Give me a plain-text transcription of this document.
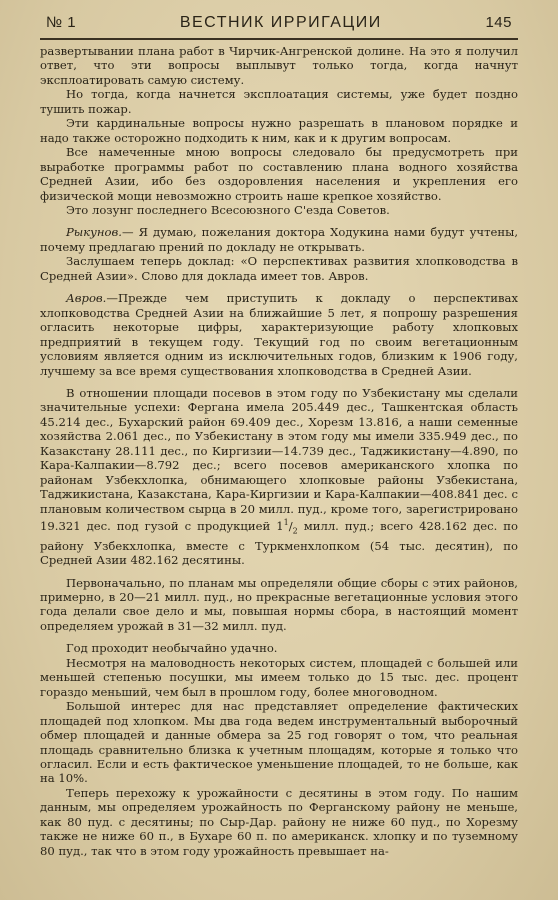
№ 1	ВЕСТНИК ИРРИГАЦИИ	145

развертывании плана работ в Чирчик-Ангренской долине. На это я получил ответ, что эти вопросы выплывут только тогда, когда начнут эксплоатировать самую систему.

Но тогда, когда начнется эксплоатация системы, уже будет поздно тушить пожар.

Эти кардинальные вопросы нужно разрешать в плановом порядке и надо также осторожно подходить к ним, как и к другим вопросам.

Все намеченные мною вопросы следовало бы предусмотреть при выработке программы работ по составлению плана водного хозяйства Средней Азии, ибо без оздоровления населения и укрепления его физической мощи невозможно строить наше крепкое хозяйство.

Это лозунг последнего Всесоюзного С'езда Советов.

Рыкунов.— Я думаю, пожелания доктора Ходукина нами будут учтены, почему предлагаю прений по докладу не открывать.

Заслушаем теперь доклад: «О перспективах развития хлопководства в Средней Азии». Слово для доклада имеет тов. Авров.

Авров.—Прежде чем приступить к докладу о перспективах хлопководства Средней Азии на ближайшие 5 лет, я попрошу разрешения огласить некоторые цифры, характеризующие работу хлопковых предприятий в текущем году. Текущий год по своим вегетационным условиям является одним из исключительных годов, близким к 1906 году, лучшему за все время существования хлопководства в Средней Азии.

В отношении площади посевов в этом году по Узбекистану мы сделали значительные успехи: Фергана имела 205.449 дес., Ташкентская область 45.214 дес., Бухарский район 69.409 дес., Хорезм 13.816, а наши семенные хозяйства 2.061 дес., по Узбекистану в этом году мы имели 335.949 дес., по Казакстану 28.111 дес., по Киргизии—14.739 дес., Таджикистану—4.890, по Кара-Калпакии—8.792 дес.; всего посевов американского хлопка по районам Узбекхлопка, обнимающего хлопковые районы Узбекистана, Таджикистана, Казакстана, Кара-Киргизии и Кара-Калпакии—408.841 дес. с плановым количеством сырца в 20 милл. пуд., кроме того, зарегистрировано 19.321 дес. под гузой с продукцией $1^1/_2$ милл. пуд.; всего 428.162 дес. по району Узбекхлопка, вместе с Туркменхлопком (54 тыс. десятин), по Средней Азии 482.162 десятины.

Первоначально, по планам мы определяли общие сборы с этих районов, примерно, в 20—21 милл. пуд., но прекрасные вегетационные условия этого года делали свое дело и мы, повышая нормы сбора, в настоящий момент определяем урожай в 31—32 милл. пуд.

Год проходит необычайно удачно.

Несмотря на маловодность некоторых систем, площадей с большей или меньшей степенью посушки, мы имеем только до 15 тыс. дес. процент гораздо меньший, чем был в прошлом году, более многоводном.

Большой интерес для нас представляет определение фактических площадей под хлопком. Мы два года ведем инструментальный выборочный обмер площадей и данные обмера за 25 год говорят о том, что реальная площадь сравнительно близка к учетным площадям, которые я только что огласил. Если и есть фактическое уменьшение площадей, то не больше, как на 10%.

Теперь перехожу к урожайности с десятины в этом году. По нашим данным, мы определяем урожайность по Ферганскому району не меньше, как 80 пуд. с десятины; по Сыр-Дар. району не ниже 60 пуд., по Хорезму также не ниже 60 п., в Бухаре 60 п. по американск. хлопку и по туземному 80 пуд., так что в этом году урожайность превышает на-
